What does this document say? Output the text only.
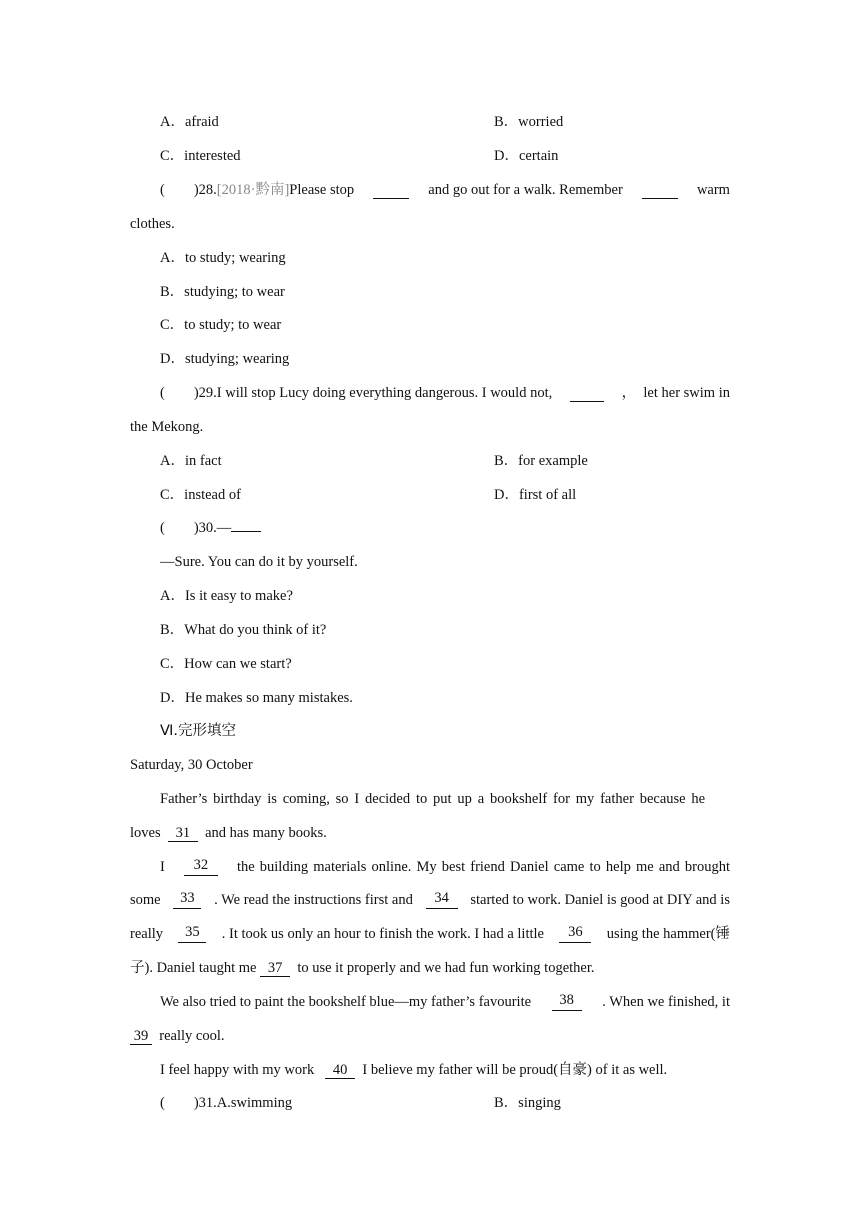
A．afraid	B．worried
C．interested	D．certain
(　　)28.[2018·黔南]Please stop	and go out for a walk. Remember	warm
clothes.
A．to study; wearing
B．studying; to wear
C．to study; to wear
D．studying; wearing
(　　)29.I will stop Lucy doing everything dangerous. I would not,	，　let her swim in
the Mekong.
A．in fact	B．for example
C．instead of	D．first of all
(　　)30.—
—Sure. You can do it by yourself.
A．Is it easy to make?
B．What do you think of it?
C．How can we start?
D．He makes so many mistakes.
Ⅵ.完形填空
Saturday, 30 October
Father’s birthday is coming, so I decided to put up a bookshelf for my father because he
loves 31 and has many books.
I	32	the building materials online. My best friend Daniel came to help me and brought
some	33	. We read the instructions first and	34	started to work. Daniel is good at DIY and is
really	35	. It took us only an hour to finish the work. I had a little	36	using the hammer(锤
子). Daniel taught me 37 to use it properly and we had fun working together.
We also tried to paint the bookshelf blue—my father’s favourite	38	. When we finished, it
39 really cool.
I feel happy with my work 40 I believe my father will be proud(自豪) of it as well.
(　　)31.A.swimming	B．singing
